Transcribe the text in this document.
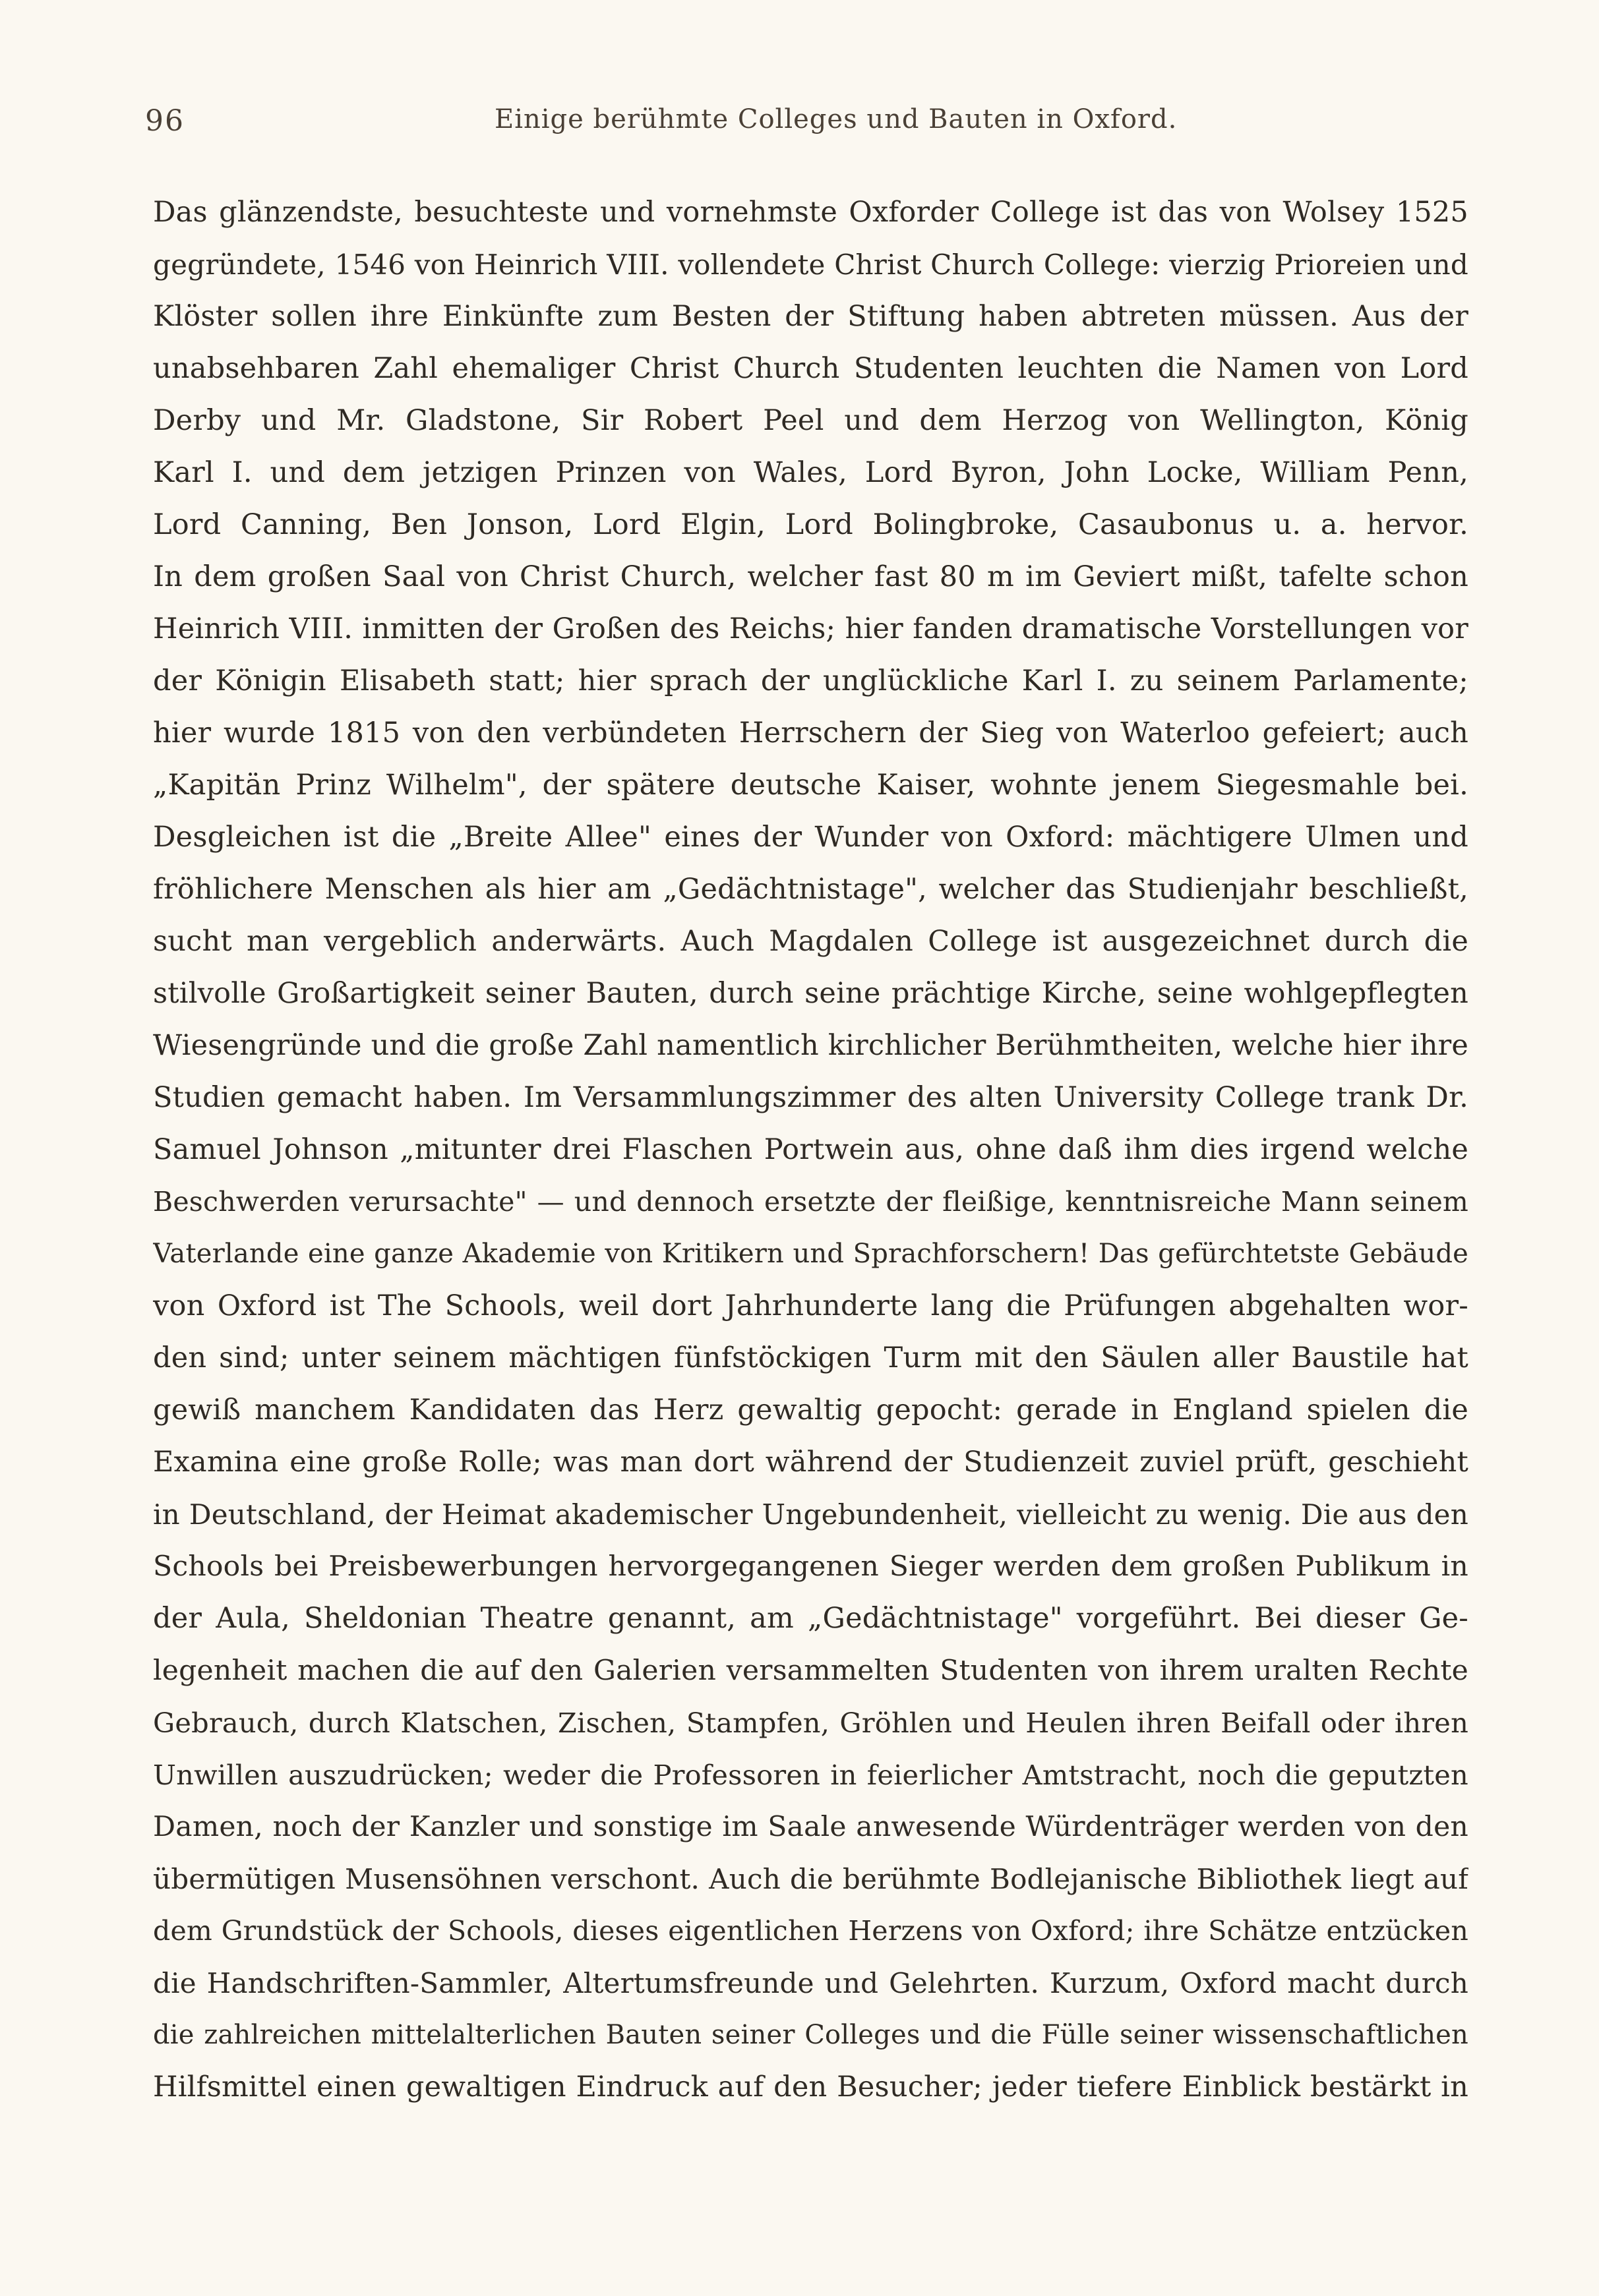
96	Einige berühmte Colleges und Bauten in Oxford.
Das glänzendste, besuchteste und vornehmste Oxforder College ist das von Wolsey 1525
gegründete, 1546 von Heinrich VIII. vollendete Christ Church College: vierzig Prioreien und
Klöster sollen ihre Einkünfte zum Besten der Stiftung haben abtreten müssen. Aus der
unabsehbaren Zahl ehemaliger Christ Church Studenten leuchten die Namen von Lord
Derby und Mr. Gladstone, Sir Robert Peel und dem Herzog von Wellington, König
Karl I. und dem jetzigen Prinzen von Wales, Lord Byron, John Locke, William Penn,
Lord Canning, Ben Jonson, Lord Elgin, Lord Bolingbroke, Casaubonus u. a. hervor.
In dem großen Saal von Christ Church, welcher fast 80 m im Geviert mißt, tafelte schon
Heinrich VIII. inmitten der Großen des Reichs; hier fanden dramatische Vorstellungen vor
der Königin Elisabeth statt; hier sprach der unglückliche Karl I. zu seinem Parlamente;
hier wurde 1815 von den verbündeten Herrschern der Sieg von Waterloo gefeiert; auch
„Kapitän Prinz Wilhelm", der spätere deutsche Kaiser, wohnte jenem Siegesmahle bei.
Desgleichen ist die „Breite Allee" eines der Wunder von Oxford: mächtigere Ulmen und
fröhlichere Menschen als hier am „Gedächtnistage", welcher das Studienjahr beschließt,
sucht man vergeblich anderwärts. Auch Magdalen College ist ausgezeichnet durch die
stilvolle Großartigkeit seiner Bauten, durch seine prächtige Kirche, seine wohlgepflegten
Wiesengründe und die große Zahl namentlich kirchlicher Berühmtheiten, welche hier ihre
Studien gemacht haben. Im Versammlungszimmer des alten University College trank Dr.
Samuel Johnson „mitunter drei Flaschen Portwein aus, ohne daß ihm dies irgend welche
Beschwerden verursachte" — und dennoch ersetzte der fleißige, kenntnisreiche Mann seinem
Vaterlande eine ganze Akademie von Kritikern und Sprachforschern! Das gefürchtetste Gebäude
von Oxford ist The Schools, weil dort Jahrhunderte lang die Prüfungen abgehalten wor-
den sind; unter seinem mächtigen fünfstöckigen Turm mit den Säulen aller Baustile hat
gewiß manchem Kandidaten das Herz gewaltig gepocht: gerade in England spielen die
Examina eine große Rolle; was man dort während der Studienzeit zuviel prüft, geschieht
in Deutschland, der Heimat akademischer Ungebundenheit, vielleicht zu wenig. Die aus den
Schools bei Preisbewerbungen hervorgegangenen Sieger werden dem großen Publikum in
der Aula, Sheldonian Theatre genannt, am „Gedächtnistage" vorgeführt. Bei dieser Ge-
legenheit machen die auf den Galerien versammelten Studenten von ihrem uralten Rechte
Gebrauch, durch Klatschen, Zischen, Stampfen, Gröhlen und Heulen ihren Beifall oder ihren
Unwillen auszudrücken; weder die Professoren in feierlicher Amtstracht, noch die geputzten
Damen, noch der Kanzler und sonstige im Saale anwesende Würdenträger werden von den
übermütigen Musensöhnen verschont. Auch die berühmte Bodlejanische Bibliothek liegt auf
dem Grundstück der Schools, dieses eigentlichen Herzens von Oxford; ihre Schätze entzücken
die Handschriften-Sammler, Altertumsfreunde und Gelehrten. Kurzum, Oxford macht durch
die zahlreichen mittelalterlichen Bauten seiner Colleges und die Fülle seiner wissenschaftlichen
Hilfsmittel einen gewaltigen Eindruck auf den Besucher; jeder tiefere Einblick bestärkt in
